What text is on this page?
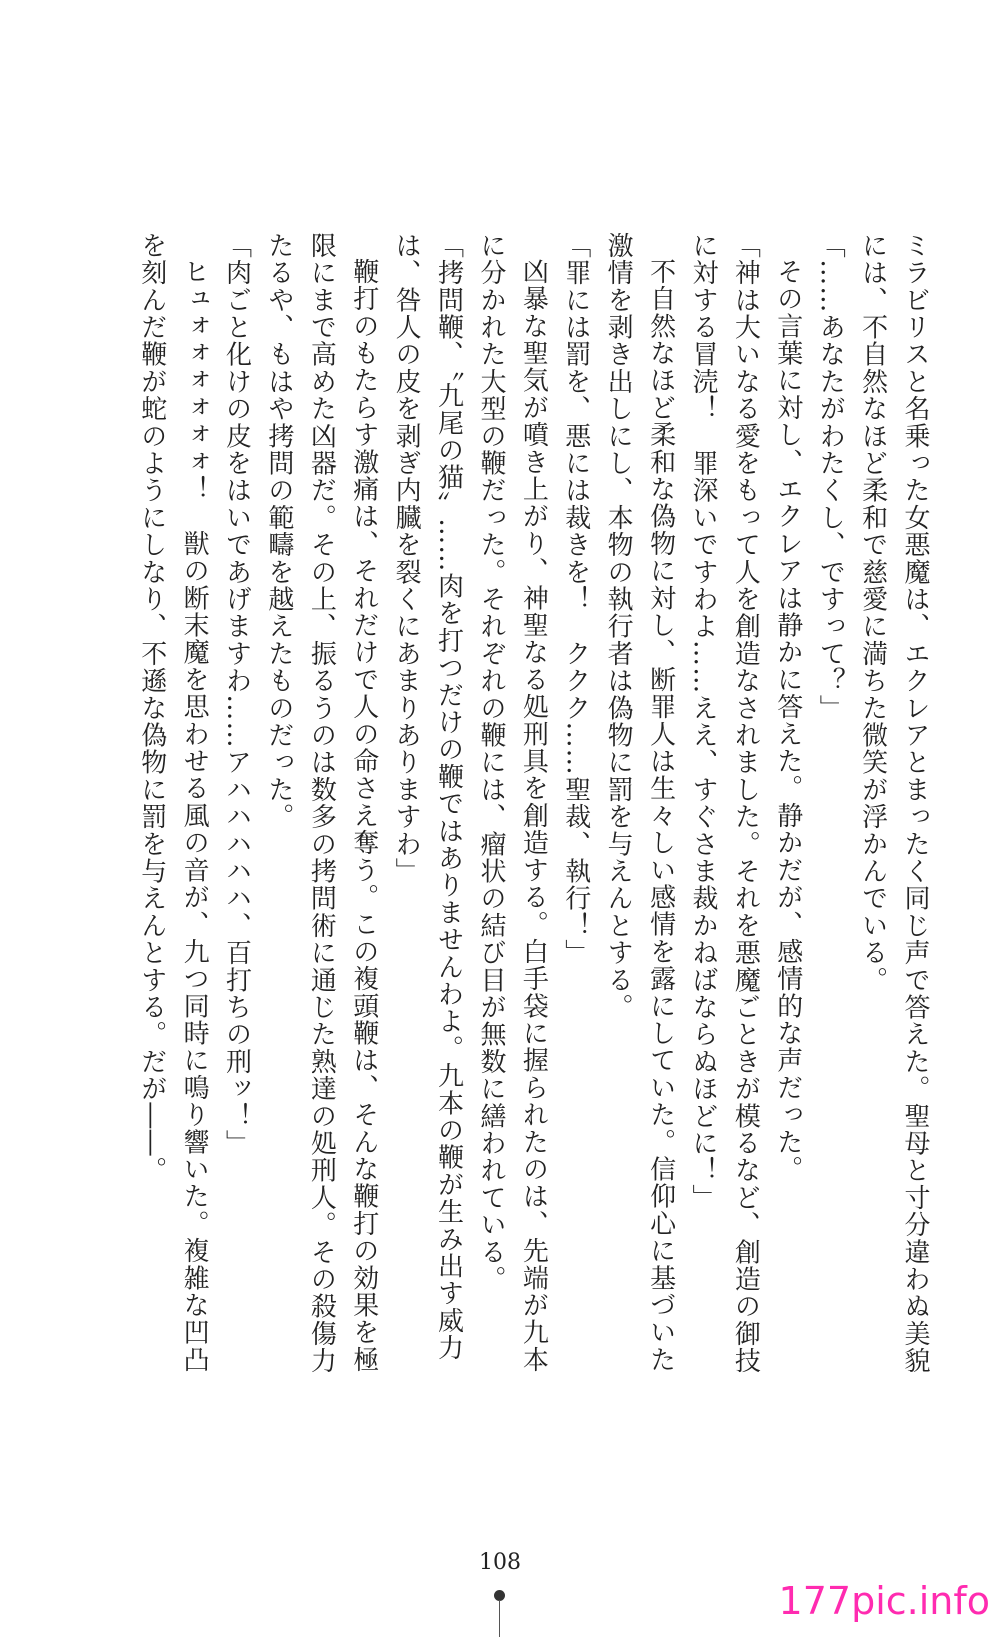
ミラビリスと名乗った女悪魔は、エクレアとまったく同じ声で答えた。聖母と寸分違わぬ美貌には、不自然なほど柔和で慈愛に満ちた微笑が浮かんでいる。

「……あなたがわたくし、ですって？」

その言葉に対し、エクレアは静かに答えた。静かだが、感情的な声だった。

「神は大いなる愛をもって人を創造なされました。それを悪魔ごときが模るなど、創造の御技に対する冒涜！　罪深いですわよ……ええ、すぐさま裁かねばならぬほどに！」

不自然なほど柔和な偽物に対し、断罪人は生々しい感情を露にしていた。信仰心に基づいた激情を剥き出しにし、本物の執行者は偽物に罰を与えんとする。

「罪には罰を、悪には裁きを！　ククク……聖裁、執行！」

凶暴な聖気が噴き上がり、神聖なる処刑具を創造する。白手袋に握られたのは、先端が九本に分かれた大型の鞭だった。それぞれの鞭には、瘤状の結び目が無数に繕われている。

「拷問鞭、〝九尾の猫〟……肉を打つだけの鞭ではありませんわよ。九本の鞭が生み出す威力は、咎人の皮を剥ぎ内臓を裂くにあまりありますわ」

鞭打のもたらす激痛は、それだけで人の命さえ奪う。この複頭鞭は、そんな鞭打の効果を極限にまで高めた凶器だ。その上、振るうのは数多の拷問術に通じた熟達の処刑人。その殺傷力たるや、もはや拷問の範疇を越えたものだった。

「肉ごと化けの皮をはいであげますわ……アハハハハハ、百打ちの刑ッ！」

ヒュォォォォォォ！　獣の断末魔を思わせる風の音が、九つ同時に鳴り響いた。複雑な凹凸を刻んだ鞭が蛇のようにしなり、不遜な偽物に罰を与えんとする。だが――。

108
177pic.info
